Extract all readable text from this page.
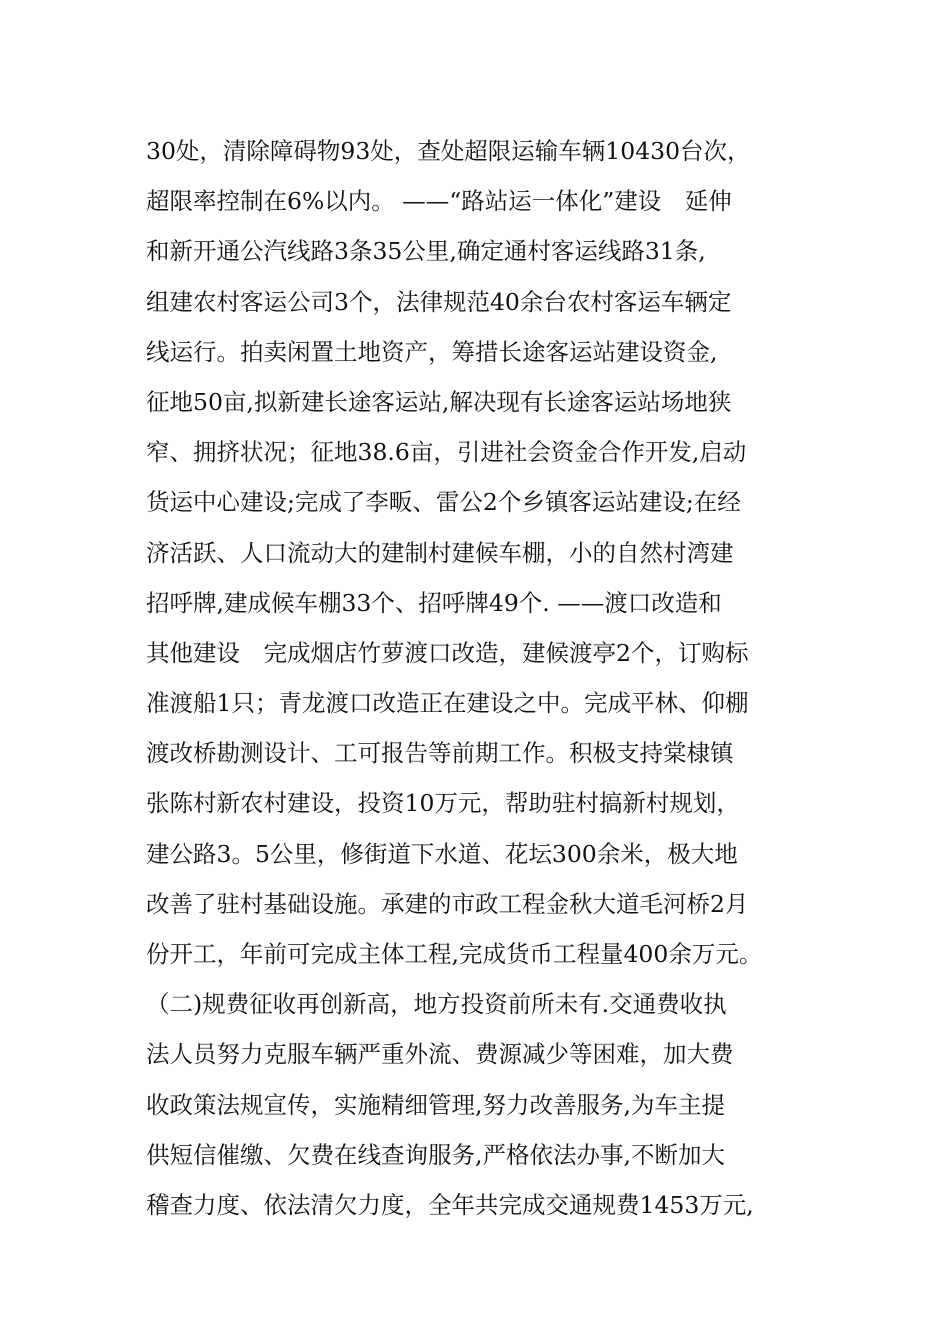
30处，清除障碍物93处，查处超限运输车辆10430台次，
超限率控制在6%以内。 ——“路站运一体化”建设　延伸
和新开通公汽线路3条35公里,确定通村客运线路31条,
组建农村客运公司3个，法律规范40余台农村客运车辆定
线运行。拍卖闲置土地资产，筹措长途客运站建设资金,
征地50亩,拟新建长途客运站,解决现有长途客运站场地狭
窄、拥挤状况；征地38.6亩，引进社会资金合作开发,启动
货运中心建设;完成了李畈、雷公2个乡镇客运站建设;在经
济活跃、人口流动大的建制村建候车棚，小的自然村湾建
招呼牌,建成候车棚33个、招呼牌49个. ——渡口改造和
其他建设　完成烟店竹萝渡口改造，建候渡亭2个，订购标
准渡船1只；青龙渡口改造正在建设之中。完成平林、仰棚
渡改桥勘测设计、工可报告等前期工作。积极支持棠棣镇
张陈村新农村建设，投资10万元，帮助驻村搞新村规划，
建公路3。5公里，修街道下水道、花坛300余米，极大地
改善了驻村基础设施。承建的市政工程金秋大道毛河桥2月
份开工，年前可完成主体工程,完成货币工程量400余万元。
（二)规费征收再创新高，地方投资前所未有.交通费收执
法人员努力克服车辆严重外流、费源减少等困难，加大费
收政策法规宣传，实施精细管理,努力改善服务,为车主提
供短信催缴、欠费在线查询服务,严格依法办事,不断加大
稽查力度、依法清欠力度，全年共完成交通规费1453万元,
